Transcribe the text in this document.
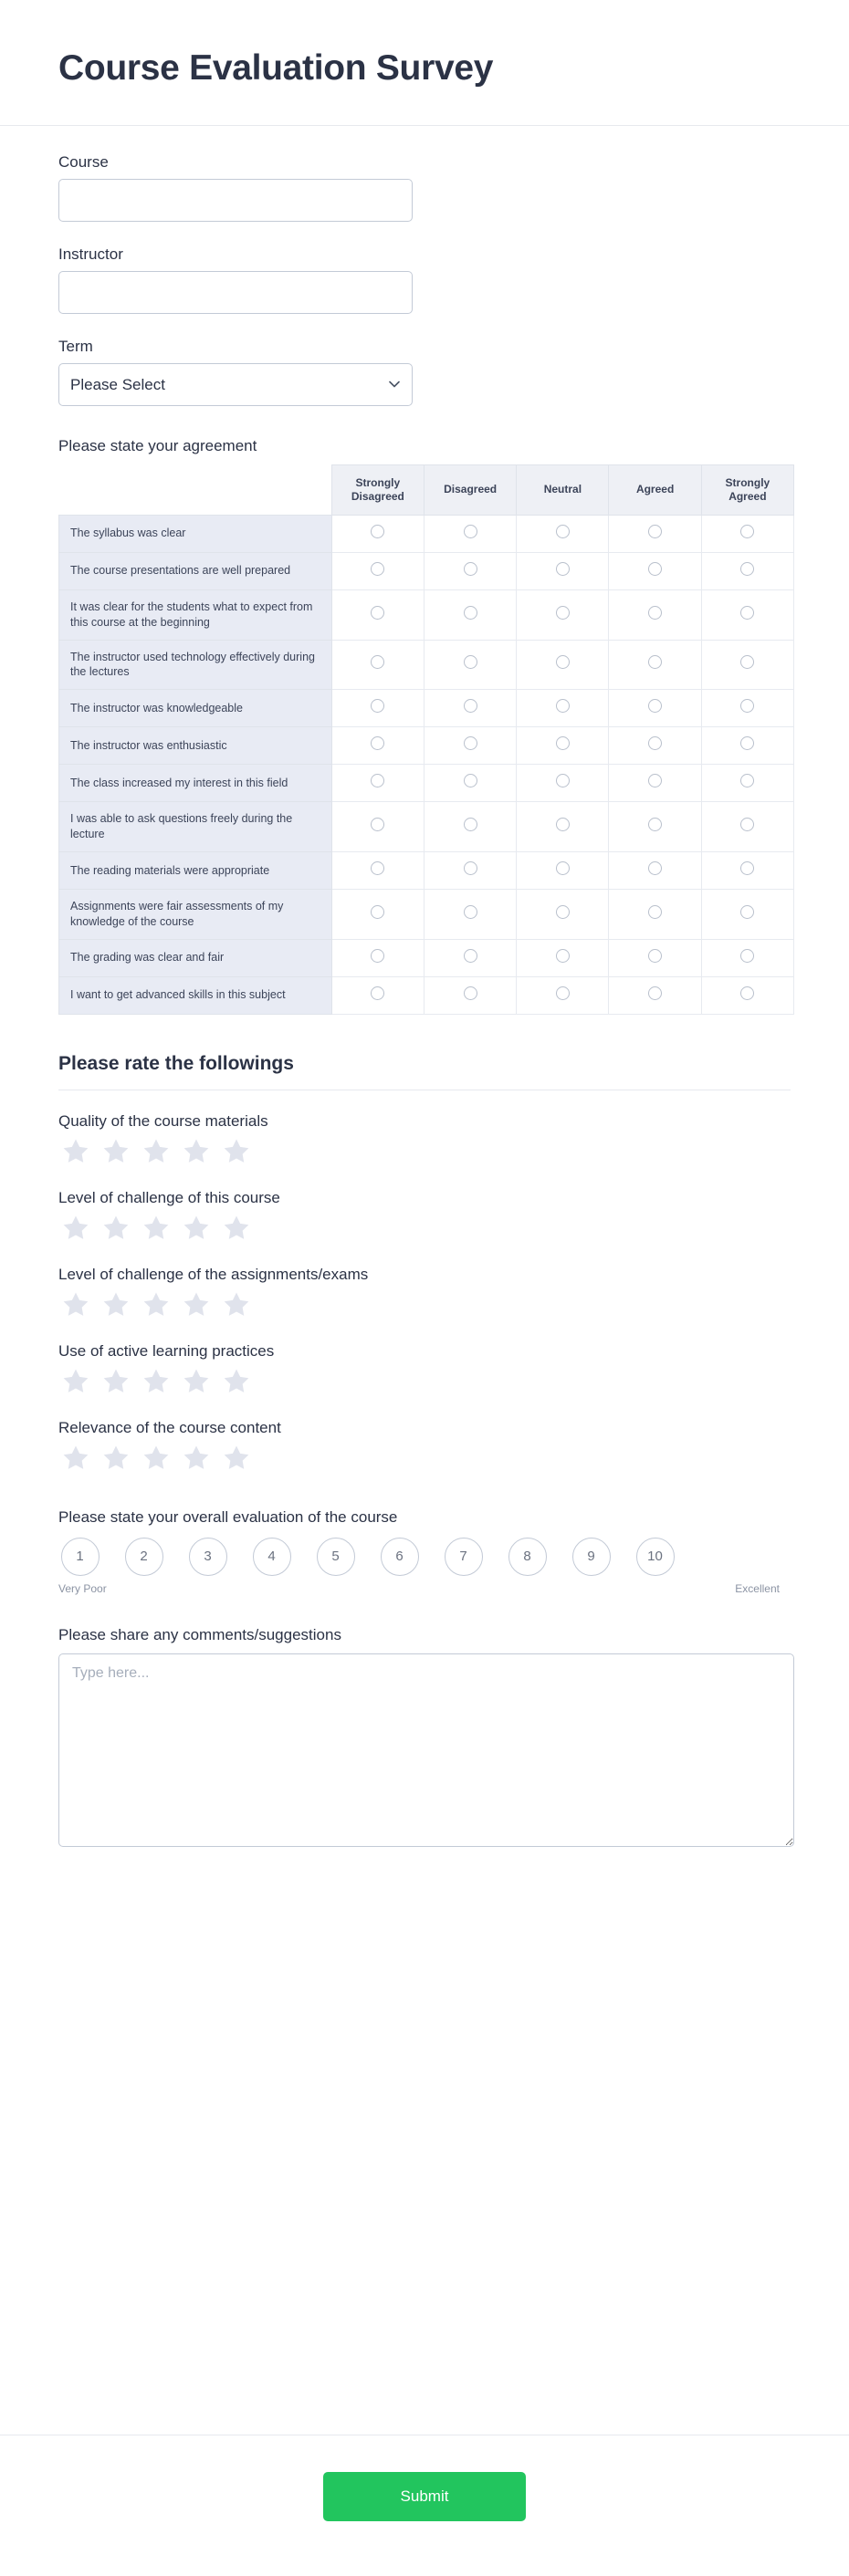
Course Evaluation Survey
Course
Instructor
Term
Please Select
Please state your agreement
	Strongly Disagreed	Disagreed	Neutral	Agreed	Strongly Agreed
The syllabus was clear					
The course presentations are well prepared					
It was clear for the students what to expect from this course at the beginning					
The instructor used technology effectively during the lectures					
The instructor was knowledgeable					
The instructor was enthusiastic					
The class increased my interest in this field					
I was able to ask questions freely during the lecture					
The reading materials were appropriate					
Assignments were fair assessments of my knowledge of the course					
The grading was clear and fair					
I want to get advanced skills in this subject					
Please rate the followings
Quality of the course materials
Level of challenge of this course
Level of challenge of the assignments/exams
Use of active learning practices
Relevance of the course content
Please state your overall evaluation of the course
1	2	3	4	5	6	7	8	9	10
Very Poor	Excellent
Please share any comments/suggestions
Type here...
Submit
